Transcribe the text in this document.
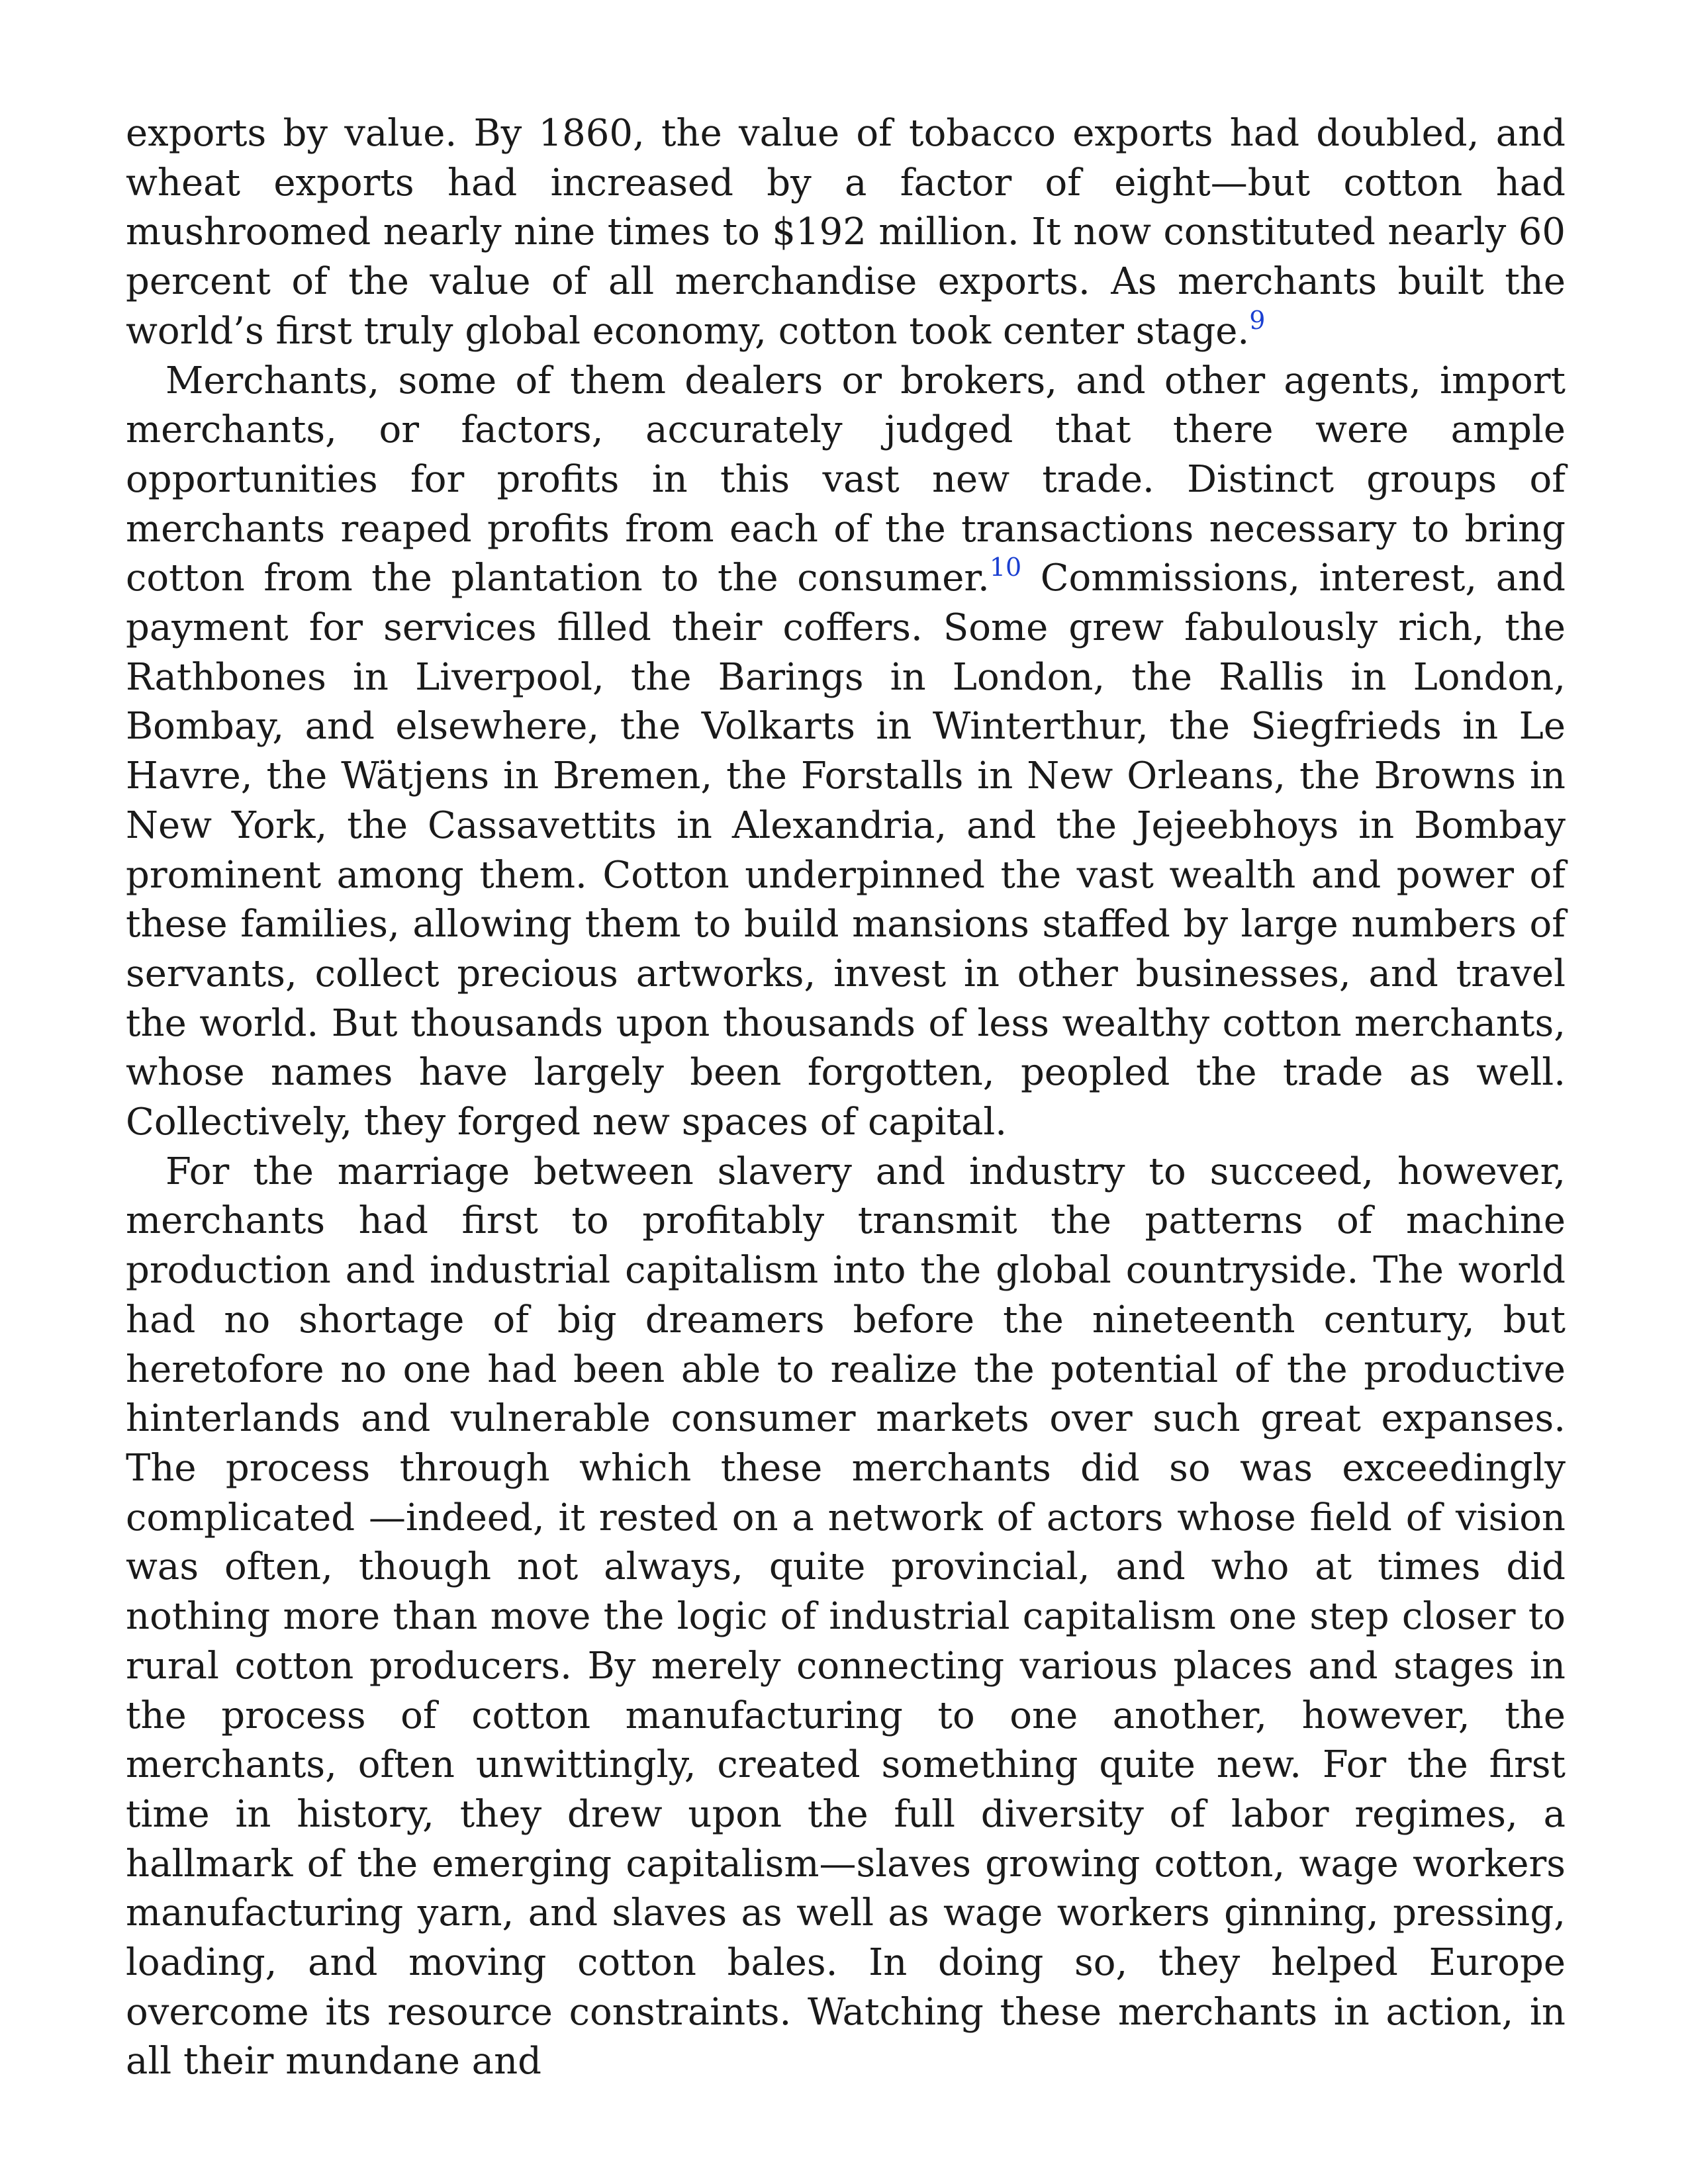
exports by value. By 1860, the value of tobacco exports had doubled, and wheat exports had increased by a factor of eight—but cotton had mushroomed nearly nine times to $192 million. It now constituted nearly 60 percent of the value of all merchandise exports. As merchants built the world’s first truly global economy, cotton took center stage.$^9$

Merchants, some of them dealers or brokers, and other agents, import merchants, or factors, accurately judged that there were ample opportunities for profits in this vast new trade. Distinct groups of merchants reaped profits from each of the transactions necessary to bring cotton from the plantation to the consumer.$^{10}$ Commissions, interest, and payment for services filled their coffers. Some grew fabulously rich, the Rathbones in Liverpool, the Barings in London, the Rallis in London, Bombay, and elsewhere, the Volkarts in Winterthur, the Siegfrieds in Le Havre, the Wätjens in Bremen, the Forstalls in New Orleans, the Browns in New York, the Cassavettits in Alexandria, and the Jejeebhoys in Bombay prominent among them. Cotton underpinned the vast wealth and power of these families, allowing them to build mansions staffed by large numbers of servants, collect precious artworks, invest in other businesses, and travel the world. But thousands upon thousands of less wealthy cotton merchants, whose names have largely been forgotten, peopled the trade as well. Collectively, they forged new spaces of capital.

For the marriage between slavery and industry to succeed, however, merchants had first to profitably transmit the patterns of machine production and industrial capitalism into the global countryside. The world had no shortage of big dreamers before the nineteenth century, but heretofore no one had been able to realize the potential of the productive hinterlands and vulnerable consumer markets over such great expanses. The process through which these merchants did so was exceedingly complicated —indeed, it rested on a network of actors whose field of vision was often, though not always, quite provincial, and who at times did nothing more than move the logic of industrial capitalism one step closer to rural cotton producers. By merely connecting various places and stages in the process of cotton manufacturing to one another, however, the merchants, often unwittingly, created something quite new. For the first time in history, they drew upon the full diversity of labor regimes, a hallmark of the emerging capitalism—slaves growing cotton, wage workers manufacturing yarn, and slaves as well as wage workers ginning, pressing, loading, and moving cotton bales. In doing so, they helped Europe overcome its resource constraints. Watching these merchants in action, in all their mundane and
